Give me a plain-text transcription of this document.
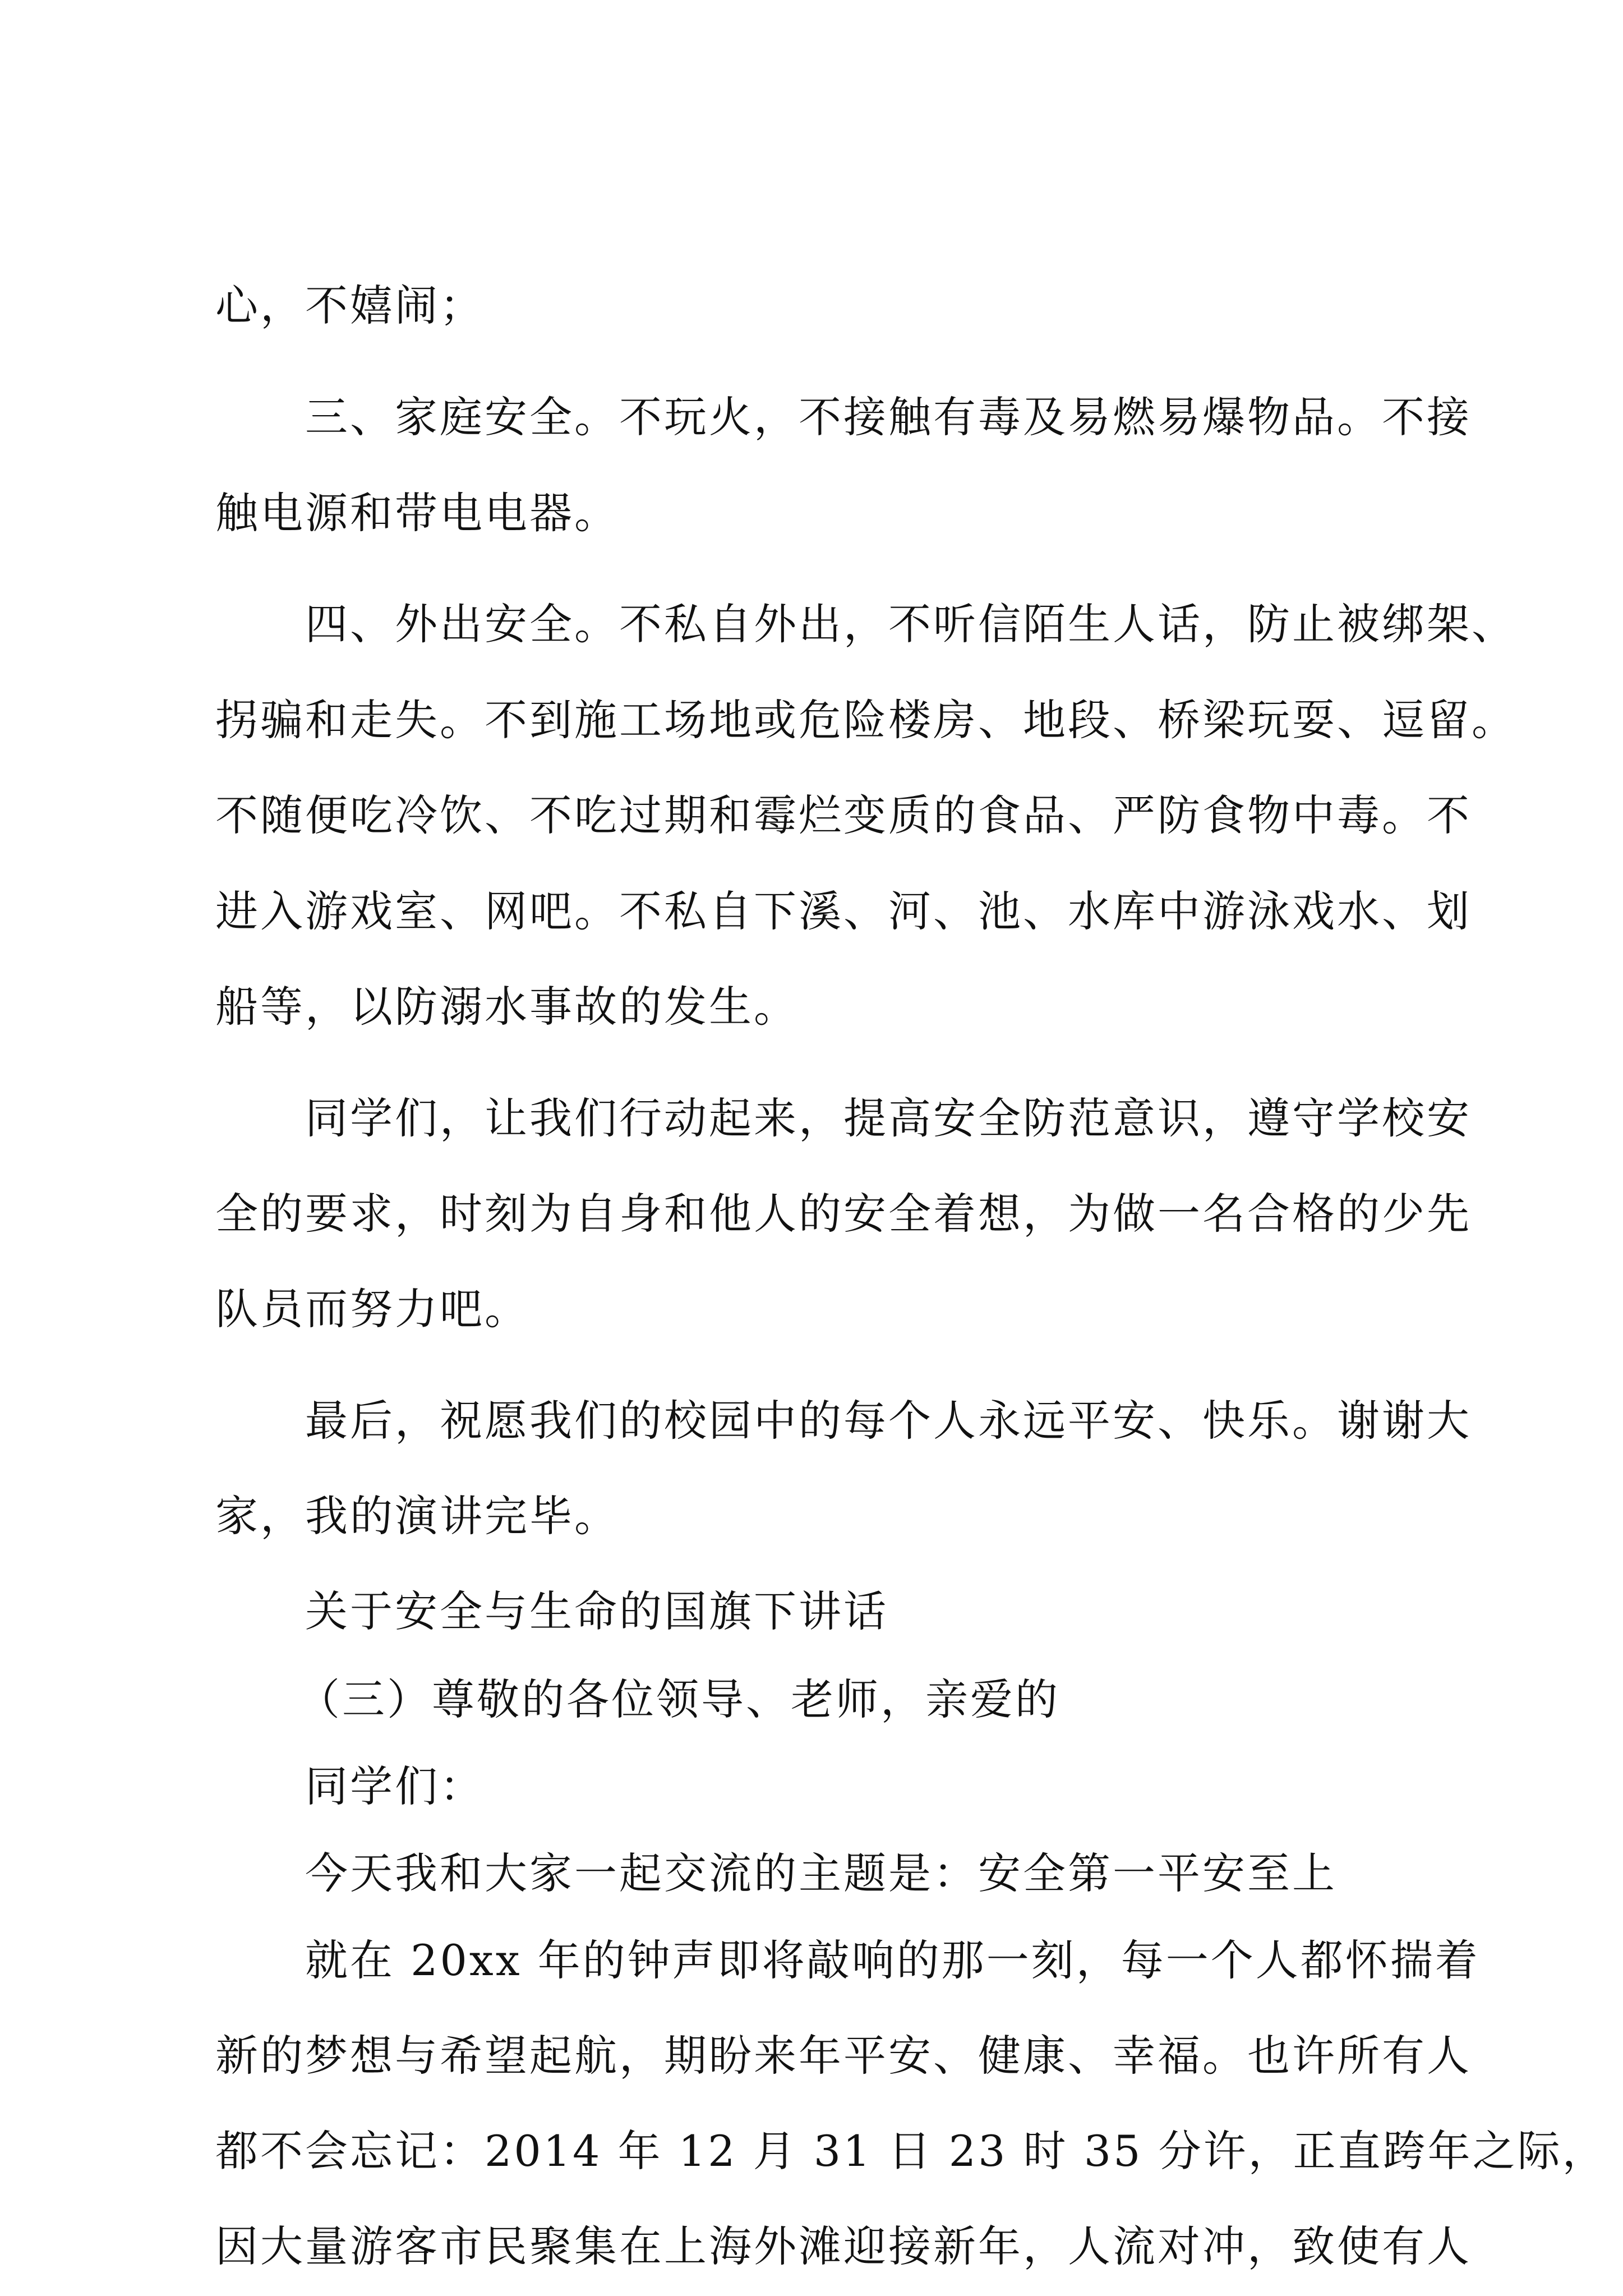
心，不嬉闹；
三、家庭安全。不玩火，不接触有毒及易燃易爆物品。不接
触电源和带电电器。
四、外出安全。不私自外出，不听信陌生人话，防止被绑架、
拐骗和走失。不到施工场地或危险楼房、地段、桥梁玩耍、逗留。
不随便吃冷饮、不吃过期和霉烂变质的食品、严防食物中毒。不
进入游戏室、网吧。不私自下溪、河、池、水库中游泳戏水、划
船等，以防溺水事故的发生。
同学们，让我们行动起来，提高安全防范意识，遵守学校安
全的要求，时刻为自身和他人的安全着想，为做一名合格的少先
队员而努力吧。
最后，祝愿我们的校园中的每个人永远平安、快乐。谢谢大
家，我的演讲完毕。
关于安全与生命的国旗下讲话
（三）尊敬的各位领导、老师，亲爱的
同学们：
今天我和大家一起交流的主题是：安全第一平安至上
就在 20xx 年的钟声即将敲响的那一刻，每一个人都怀揣着
新的梦想与希望起航，期盼来年平安、健康、幸福。也许所有人
都不会忘记：2014 年 12 月 31 日 23 时 35 分许，正直跨年之际，
因大量游客市民聚集在上海外滩迎接新年，人流对冲，致使有人
